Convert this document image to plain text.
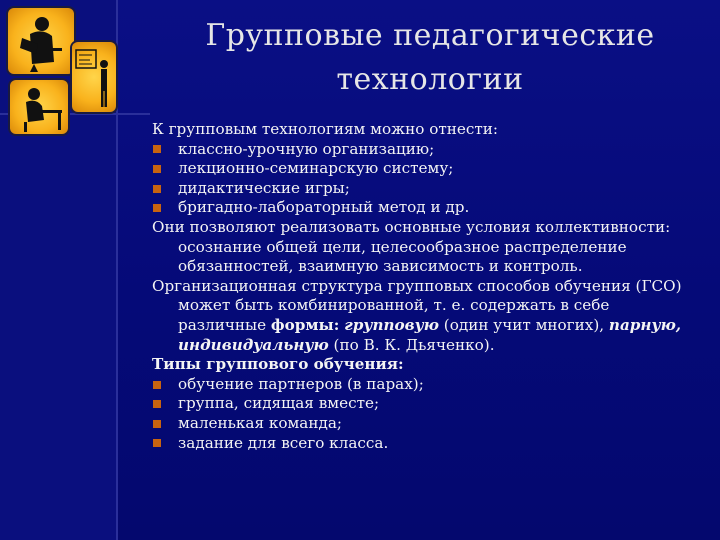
Групповые педагогические
технологии
К групповым технологиям можно отнести:
классно-урочную организацию;
лекционно-семинарскую систему;
дидактические игры;
бригадно-лабораторный метод и др.
Они позволяют реализовать основные условия коллективности: осознание общей цели, целесообразное распределение обязанностей, взаимную зависимость и контроль.
Организационная структура групповых способов обучения (ГСО) может быть комбинированной, т. е. содержать в себе различные формы: групповую (один учит многих), парную, индивидуальную (по В. К. Дьяченко).
Типы группового обучения:
обучение партнеров (в парах);
группа, сидящая вместе;
маленькая команда;
задание для всего класса.
